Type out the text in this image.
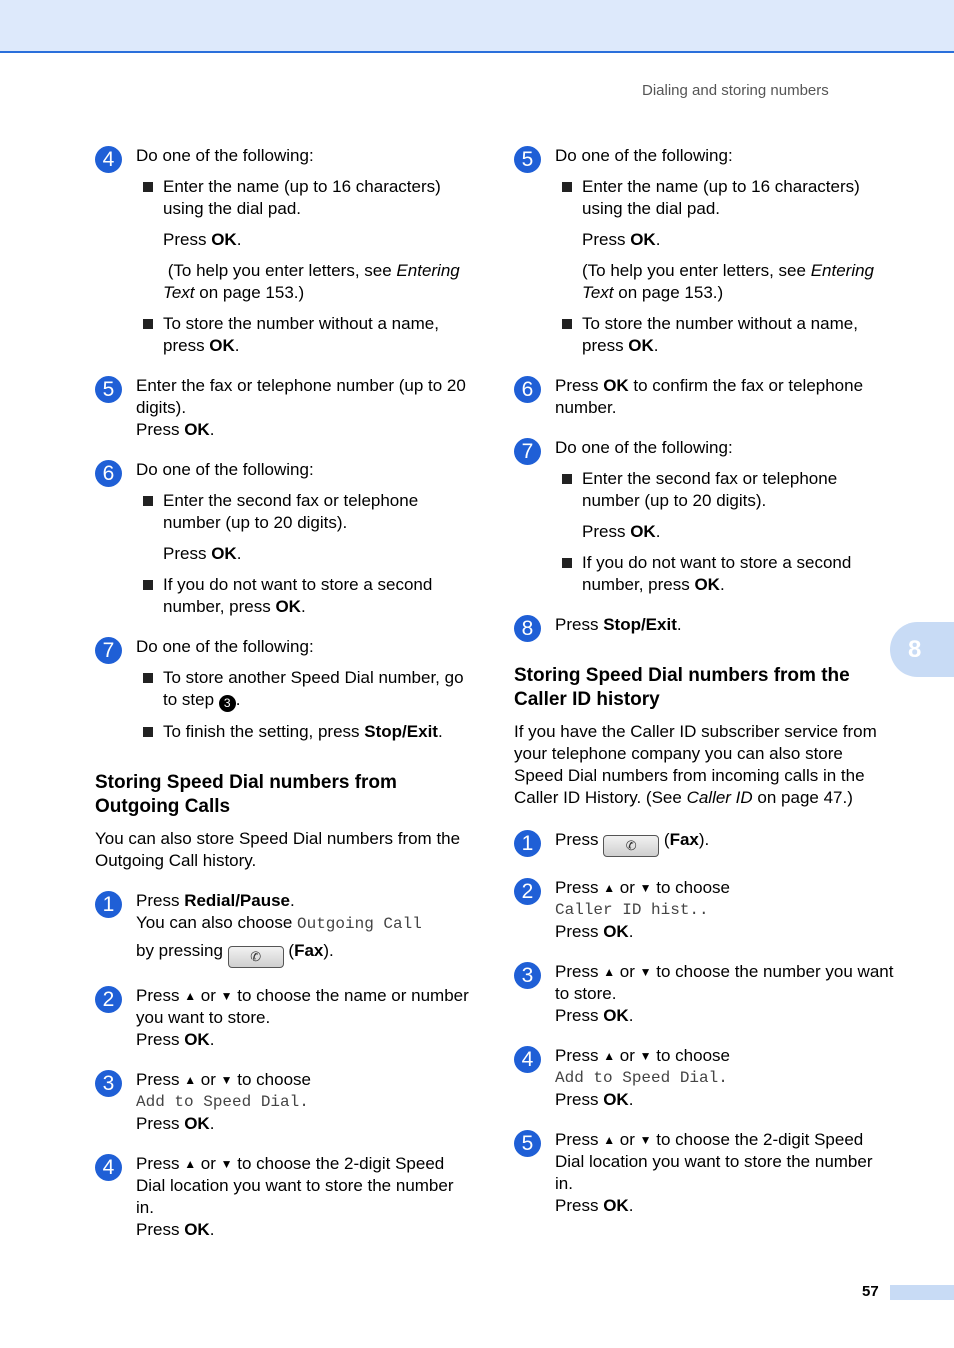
Dialing and storing numbers
4	Do one of the following:
Enter the name (up to 16 characters) using the dial pad.
Press OK.
(To help you enter letters, see Entering Text on page 153.)
To store the number without a name, press OK.
5	Enter the fax or telephone number (up to 20 digits).
Press OK.
6	Do one of the following:
Enter the second fax or telephone number (up to 20 digits).
Press OK.
If you do not want to store a second number, press OK.
7	Do one of the following:
To store another Speed Dial number, go to step 3 .
To finish the setting, press Stop/Exit.
Storing Speed Dial numbers from Outgoing Calls
You can also store Speed Dial numbers from the Outgoing Call history.
1	Press Redial/Pause.
You can also choose Outgoing Call
by pressing ✆ (Fax).
2	Press ▲ or ▼ to choose the name or number you want to store.
Press OK.
3	Press ▲ or ▼ to choose
Add to Speed Dial.
Press OK.
4	Press ▲ or ▼ to choose the 2-digit Speed Dial location you want to store the number in.
Press OK.
5	Do one of the following:
Enter the name (up to 16 characters) using the dial pad.
Press OK.
(To help you enter letters, see Entering Text on page 153.)
To store the number without a name, press OK.
6	Press OK to confirm the fax or telephone number.
7	Do one of the following:
Enter the second fax or telephone number (up to 20 digits).
Press OK.
If you do not want to store a second number, press OK.
8	Press Stop/Exit.
Storing Speed Dial numbers from the Caller ID history
If you have the Caller ID subscriber service from your telephone company you can also store Speed Dial numbers from incoming calls in the Caller ID History. (See Caller ID on page 47.)
1	Press ✆ (Fax).
2	Press ▲ or ▼ to choose
Caller ID hist..
Press OK.
3	Press ▲ or ▼ to choose the number you want to store.
Press OK.
4	Press ▲ or ▼ to choose
Add to Speed Dial.
Press OK.
5	Press ▲ or ▼ to choose the 2-digit Speed Dial location you want to store the number in.
Press OK.
8
57
